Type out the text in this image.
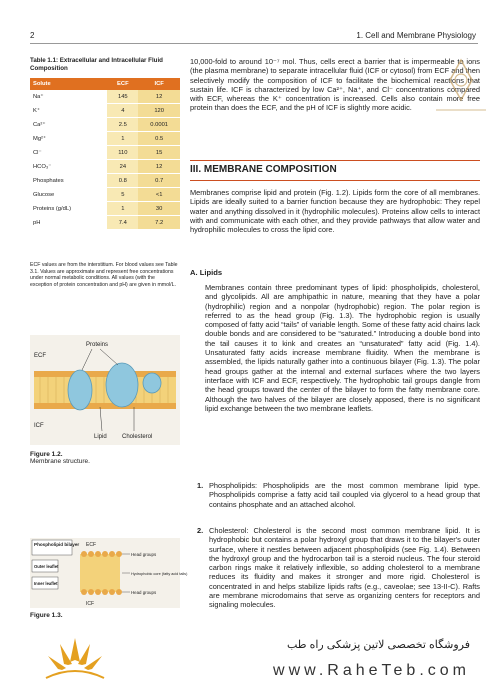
2	1. Cell and Membrane Physiology
Table 1.1: Extracellular and Intracellular Fluid Composition
Solute	ECF	ICF
Na⁺	145	12
K⁺	4	120
Ca²⁺	2.5	0.0001
Mg²⁺	1	0.5
Cl⁻	110	15
HCO₃⁻	24	12
Phosphates	0.8	0.7
Glucose	5	<1
Proteins (g/dL)	1	30
pH	7.4	7.2
ECF values are from the interstitium. For blood values see Table 3.1. Values are approximate and represent free concentrations under normal metabolic conditions. All values (with the exception of protein concentration and pH) are given in mmol/L.
Proteins
ECF
ICF
Lipid	Cholesterol
Figure 1.2.
Membrane structure.
Phospholipid bilayer ECF
Outer leaflet
Inner leaflet
ICF
Head groups
Hydrophobic core (fatty acid tails)
Head groups
Figure 1.3.

10,000-fold to around 10⁻⁷ mol. Thus, cells erect a barrier that is impermeable to ions (the plasma membrane) to separate intracellular fluid (ICF or cytosol) from ECF and then selectively modify the composition of ICF to facilitate the biochemical reactions that sustain life. ICF is characterized by low Ca²⁺, Na⁺, and Cl⁻ concentrations compared with ECF, whereas the K⁺ concentration is increased. Cells also contain more free protein than does the ECF, and the pH of ICF is slightly more acidic.

III. MEMBRANE COMPOSITION

Membranes comprise lipid and protein (Fig. 1.2). Lipids form the core of all membranes. Lipids are ideally suited to a barrier function because they are hydrophobic: They repel water and anything dissolved in it (hydrophilic molecules). Proteins allow cells to interact with and communicate with each other, and they provide pathways that allow water and hydrophilic molecules to cross the lipid core.

A. Lipids

Membranes contain three predominant types of lipid: phospholipids, cholesterol, and glycolipids. All are amphipathic in nature, meaning that they have a polar (hydrophilic) region and a nonpolar (hydrophobic) region. The polar region is referred to as the head group (Fig. 1.3). The hydrophobic region is usually composed of fatty acid “tails” of variable length. Some of these fatty acid chains lack double bonds and are considered to be “saturated.” Introducing a double bond into the tail causes it to kink and creates an “unsaturated” fatty acid (Fig. 1.4). Unsaturated fatty acids increase membrane fluidity. When the membrane is assembled, the lipids naturally gather into a continuous bilayer (Fig. 1.3). The polar head groups gather at the internal and external surfaces where the two layers interface with ICF and ECF, respectively. The hydrophobic tail groups dangle from the head groups toward the center of the bilayer to form the fatty membrane core. Although the two halves of the bilayer are closely apposed, there is no significant lipid exchange between the two membrane leaflets.

1. Phospholipids: Phospholipids are the most common membrane lipid type. Phospholipids comprise a fatty acid tail coupled via glycerol to a head group that contains phosphate and an attached alcohol.
2. Cholesterol: Cholesterol is the second most common membrane lipid. It is hydrophobic but contains a polar hydroxyl group that draws it to the bilayer's outer surface, where it nestles between adjacent phospholipids (see Fig. 1.4). Between the hydroxyl group and the hydrocarbon tail is a steroid nucleus. The four steroid carbon rings make it relatively inflexible, so adding cholesterol to a membrane reduces its fluidity and makes it stronger and more rigid. Cholesterol is concentrated in and helps stabilize lipids rafts (e.g., caveolae; see 13-II-C). Rafts are membrane microdomains that serve as organizing centers for receptors and signaling molecules.
فروشگاه تخصصی لاتین پزشکی راه طب
www.RaheTeb.com
